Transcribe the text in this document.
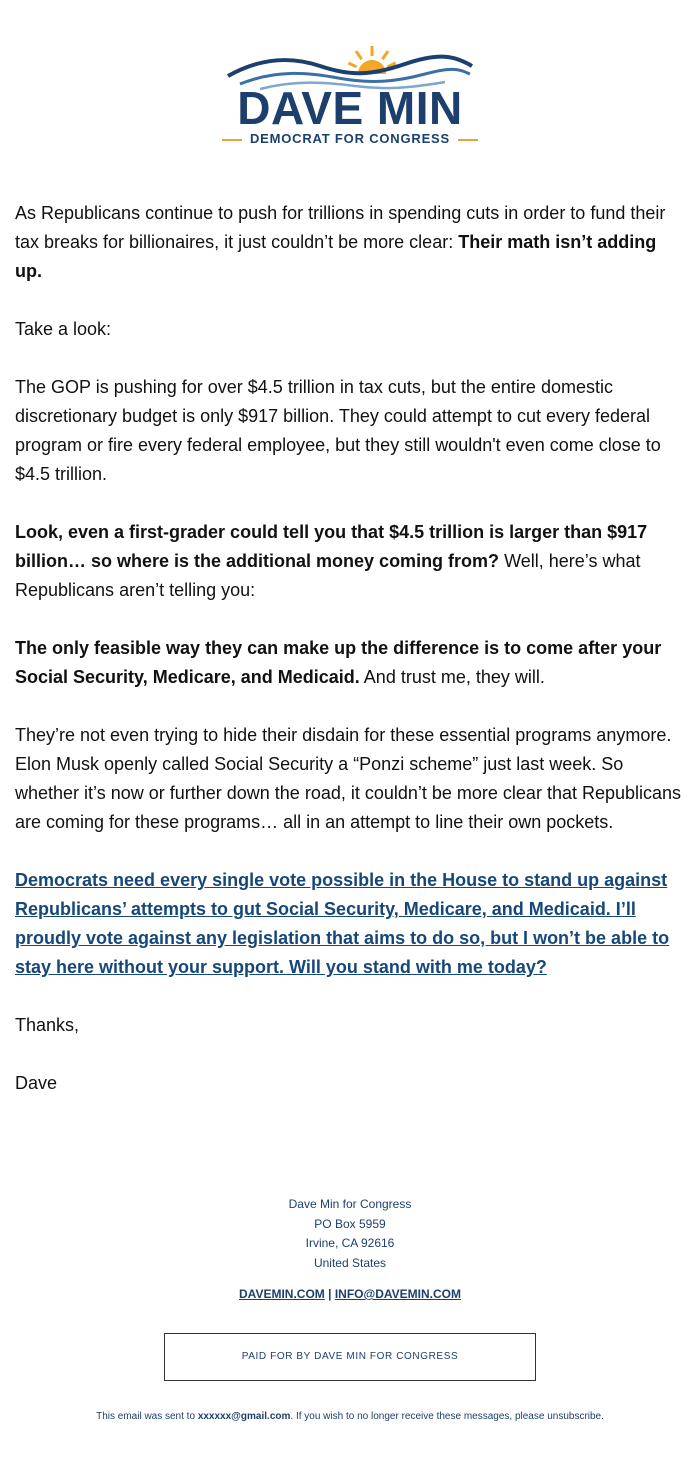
DAVE MIN
DEMOCRAT FOR CONGRESS

As Republicans continue to push for trillions in spending cuts in order to fund their tax breaks for billionaires, it just couldn’t be more clear: Their math isn’t adding up.

Take a look:

The GOP is pushing for over $4.5 trillion in tax cuts, but the entire domestic discretionary budget is only $917 billion. They could attempt to cut every federal program or fire every federal employee, but they still wouldn't even come close to $4.5 trillion.

Look, even a first-grader could tell you that $4.5 trillion is larger than $917 billion… so where is the additional money coming from? Well, here’s what Republicans aren’t telling you:

The only feasible way they can make up the difference is to come after your Social Security, Medicare, and Medicaid. And trust me, they will.

They’re not even trying to hide their disdain for these essential programs anymore. Elon Musk openly called Social Security a “Ponzi scheme” just last week. So whether it’s now or further down the road, it couldn’t be more clear that Republicans are coming for these programs… all in an attempt to line their own pockets.

Democrats need every single vote possible in the House to stand up against Republicans’ attempts to gut Social Security, Medicare, and Medicaid. I’ll proudly vote against any legislation that aims to do so, but I won’t be able to stay here without your support. Will you stand with me today?

Thanks,

Dave

Dave Min for Congress
PO Box 5959
Irvine, CA 92616
United States
DAVEMIN.COM | INFO@DAVEMIN.COM
PAID FOR BY DAVE MIN FOR CONGRESS
This email was sent to xxxxxx@gmail.com. If you wish to no longer receive these messages, please unsubscribe.
